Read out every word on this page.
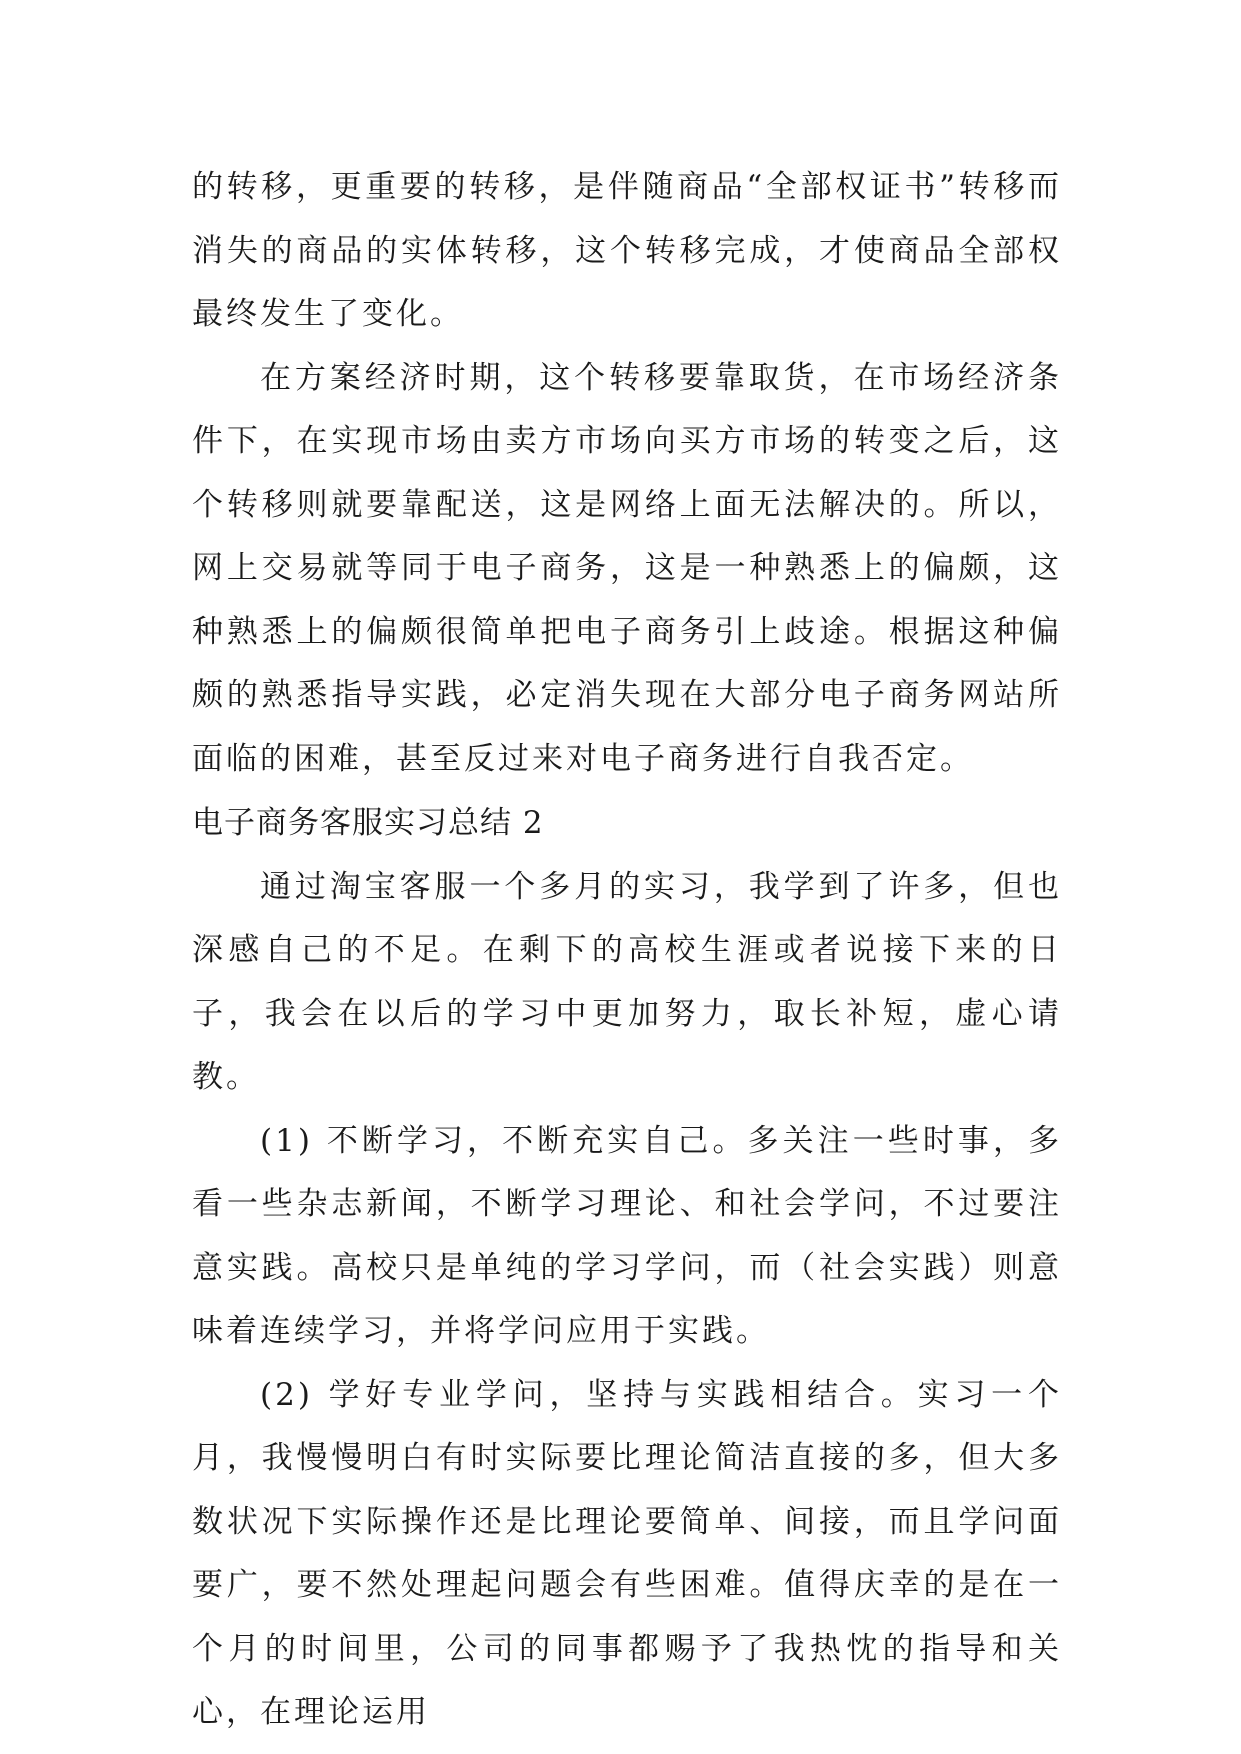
的转移，更重要的转移，是伴随商品“全部权证书”转移而消失的商品的实体转移，这个转移完成，才使商品全部权最终发生了变化。

在方案经济时期，这个转移要靠取货，在市场经济条件下，在实现市场由卖方市场向买方市场的转变之后，这个转移则就要靠配送，这是网络上面无法解决的。所以，网上交易就等同于电子商务，这是一种熟悉上的偏颇，这种熟悉上的偏颇很简单把电子商务引上歧途。根据这种偏颇的熟悉指导实践，必定消失现在大部分电子商务网站所面临的困难，甚至反过来对电子商务进行自我否定。

电子商务客服实习总结 2

通过淘宝客服一个多月的实习，我学到了许多，但也深感自己的不足。在剩下的高校生涯或者说接下来的日子，我会在以后的学习中更加努力，取长补短，虚心请教。

(1) 不断学习，不断充实自己。多关注一些时事，多看一些杂志新闻，不断学习理论、和社会学问，不过要注意实践。高校只是单纯的学习学问，而（社会实践）则意味着连续学习，并将学问应用于实践。

(2) 学好专业学问，坚持与实践相结合。实习一个月，我慢慢明白有时实际要比理论简洁直接的多，但大多数状况下实际操作还是比理论要简单、间接，而且学问面要广，要不然处理起问题会有些困难。值得庆幸的是在一个月的时间里，公司的同事都赐予了我热忱的指导和关心，在理论运用
